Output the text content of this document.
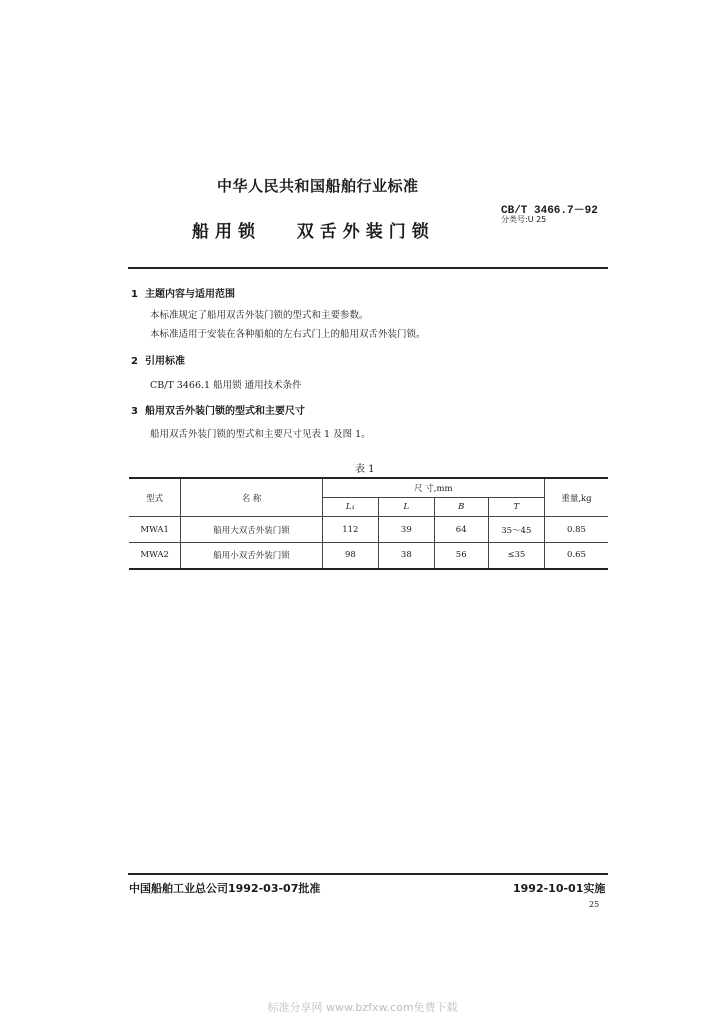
中华人民共和国船舶行业标准
船用锁 双舌外装门锁
CB/T 3466.7－92
分类号:U 25
1 主题内容与适用范围
本标准规定了船用双舌外装门锁的型式和主要参数。
本标准适用于安装在各种船舶的左右式门上的船用双舌外装门锁。
2 引用标准
CB/T 3466.1 船用锁 通用技术条件
3 船用双舌外装门锁的型式和主要尺寸
船用双舌外装门锁的型式和主要尺寸见表 1 及图 1。
表 1
型式	名 称	尺 寸,mm				重量,kg
		L₁	L	B	T	
MWA1	船用大双舌外装门锁	112	39	64	35～45	0.85
MWA2	船用小双舌外装门锁	98	38	56	≤35	0.65
中国船舶工业总公司1992-03-07批准	1992-10-01实施
25
标准分享网 www.bzfxw.com免费下载
